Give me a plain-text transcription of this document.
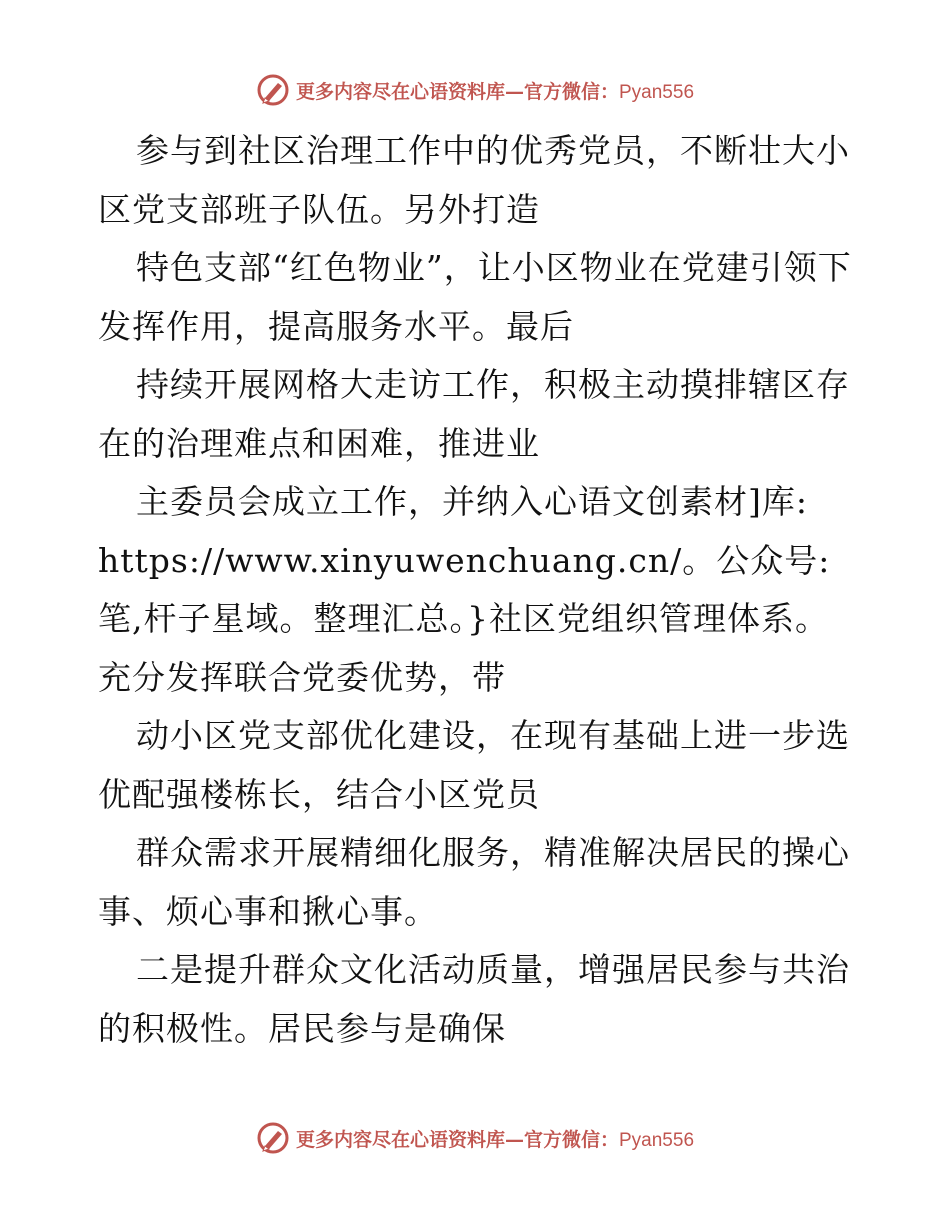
更多内容尽在心语资料库—官方微信：Pyan556

参与到社区治理工作中的优秀党员，不断壮大小区党支部班子队伍。另外打造

特色支部“红色物业”，让小区物业在党建引领下发挥作用，提高服务水平。最后

持续开展网格大走访工作，积极主动摸排辖区存在的治理难点和困难，推进业

主委员会成立工作，并纳入心语文创素材]库: https://www.xinyuwenchuang.cn/。公众号: 笔,杆子星域。整理汇总。}社区党组织管理体系。充分发挥联合党委优势，带

动小区党支部优化建设，在现有基础上进一步选优配强楼栋长，结合小区党员

群众需求开展精细化服务，精准解决居民的操心事、烦心事和揪心事。

二是提升群众文化活动质量，增强居民参与共治的积极性。居民参与是确保

更多内容尽在心语资料库—官方微信：Pyan556
